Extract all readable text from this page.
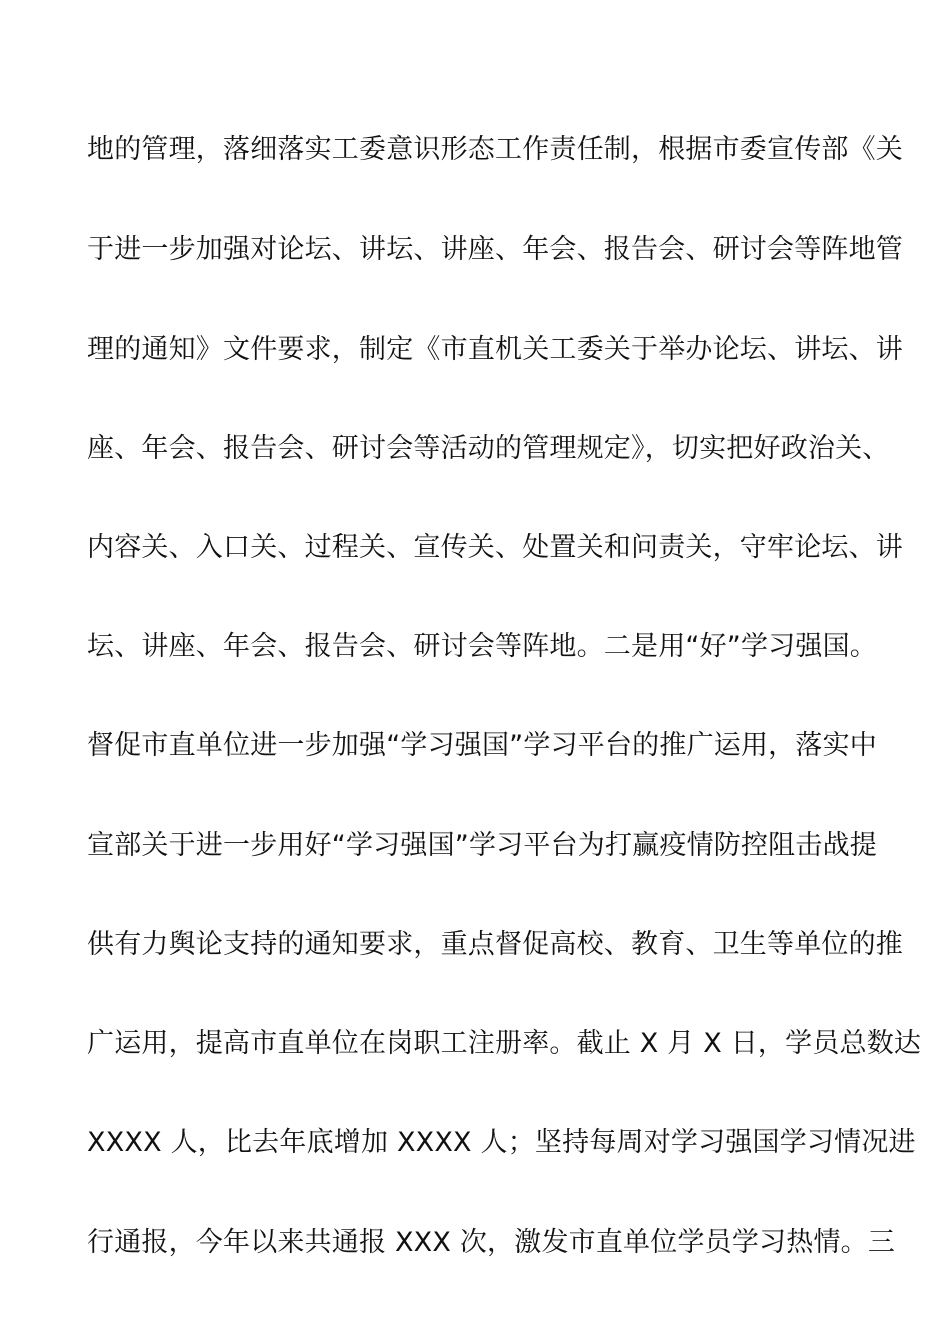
地的管理，落细落实工委意识形态工作责任制，根据市委宣传部《关
于进一步加强对论坛、讲坛、讲座、年会、报告会、研讨会等阵地管
理的通知》文件要求，制定《市直机关工委关于举办论坛、讲坛、讲
座、年会、报告会、研讨会等活动的管理规定》，切实把好政治关、
内容关、入口关、过程关、宣传关、处置关和问责关，守牢论坛、讲
坛、讲座、年会、报告会、研讨会等阵地。二是用“好”学习强国。
督促市直单位进一步加强“学习强国”学习平台的推广运用，落实中
宣部关于进一步用好“学习强国”学习平台为打赢疫情防控阻击战提
供有力舆论支持的通知要求，重点督促高校、教育、卫生等单位的推
广运用，提高市直单位在岗职工注册率。截止 X 月 X 日，学员总数达
XXXX 人，比去年底增加 XXXX 人；坚持每周对学习强国学习情况进
行通报，今年以来共通报 XXX 次，激发市直单位学员学习热情。三
